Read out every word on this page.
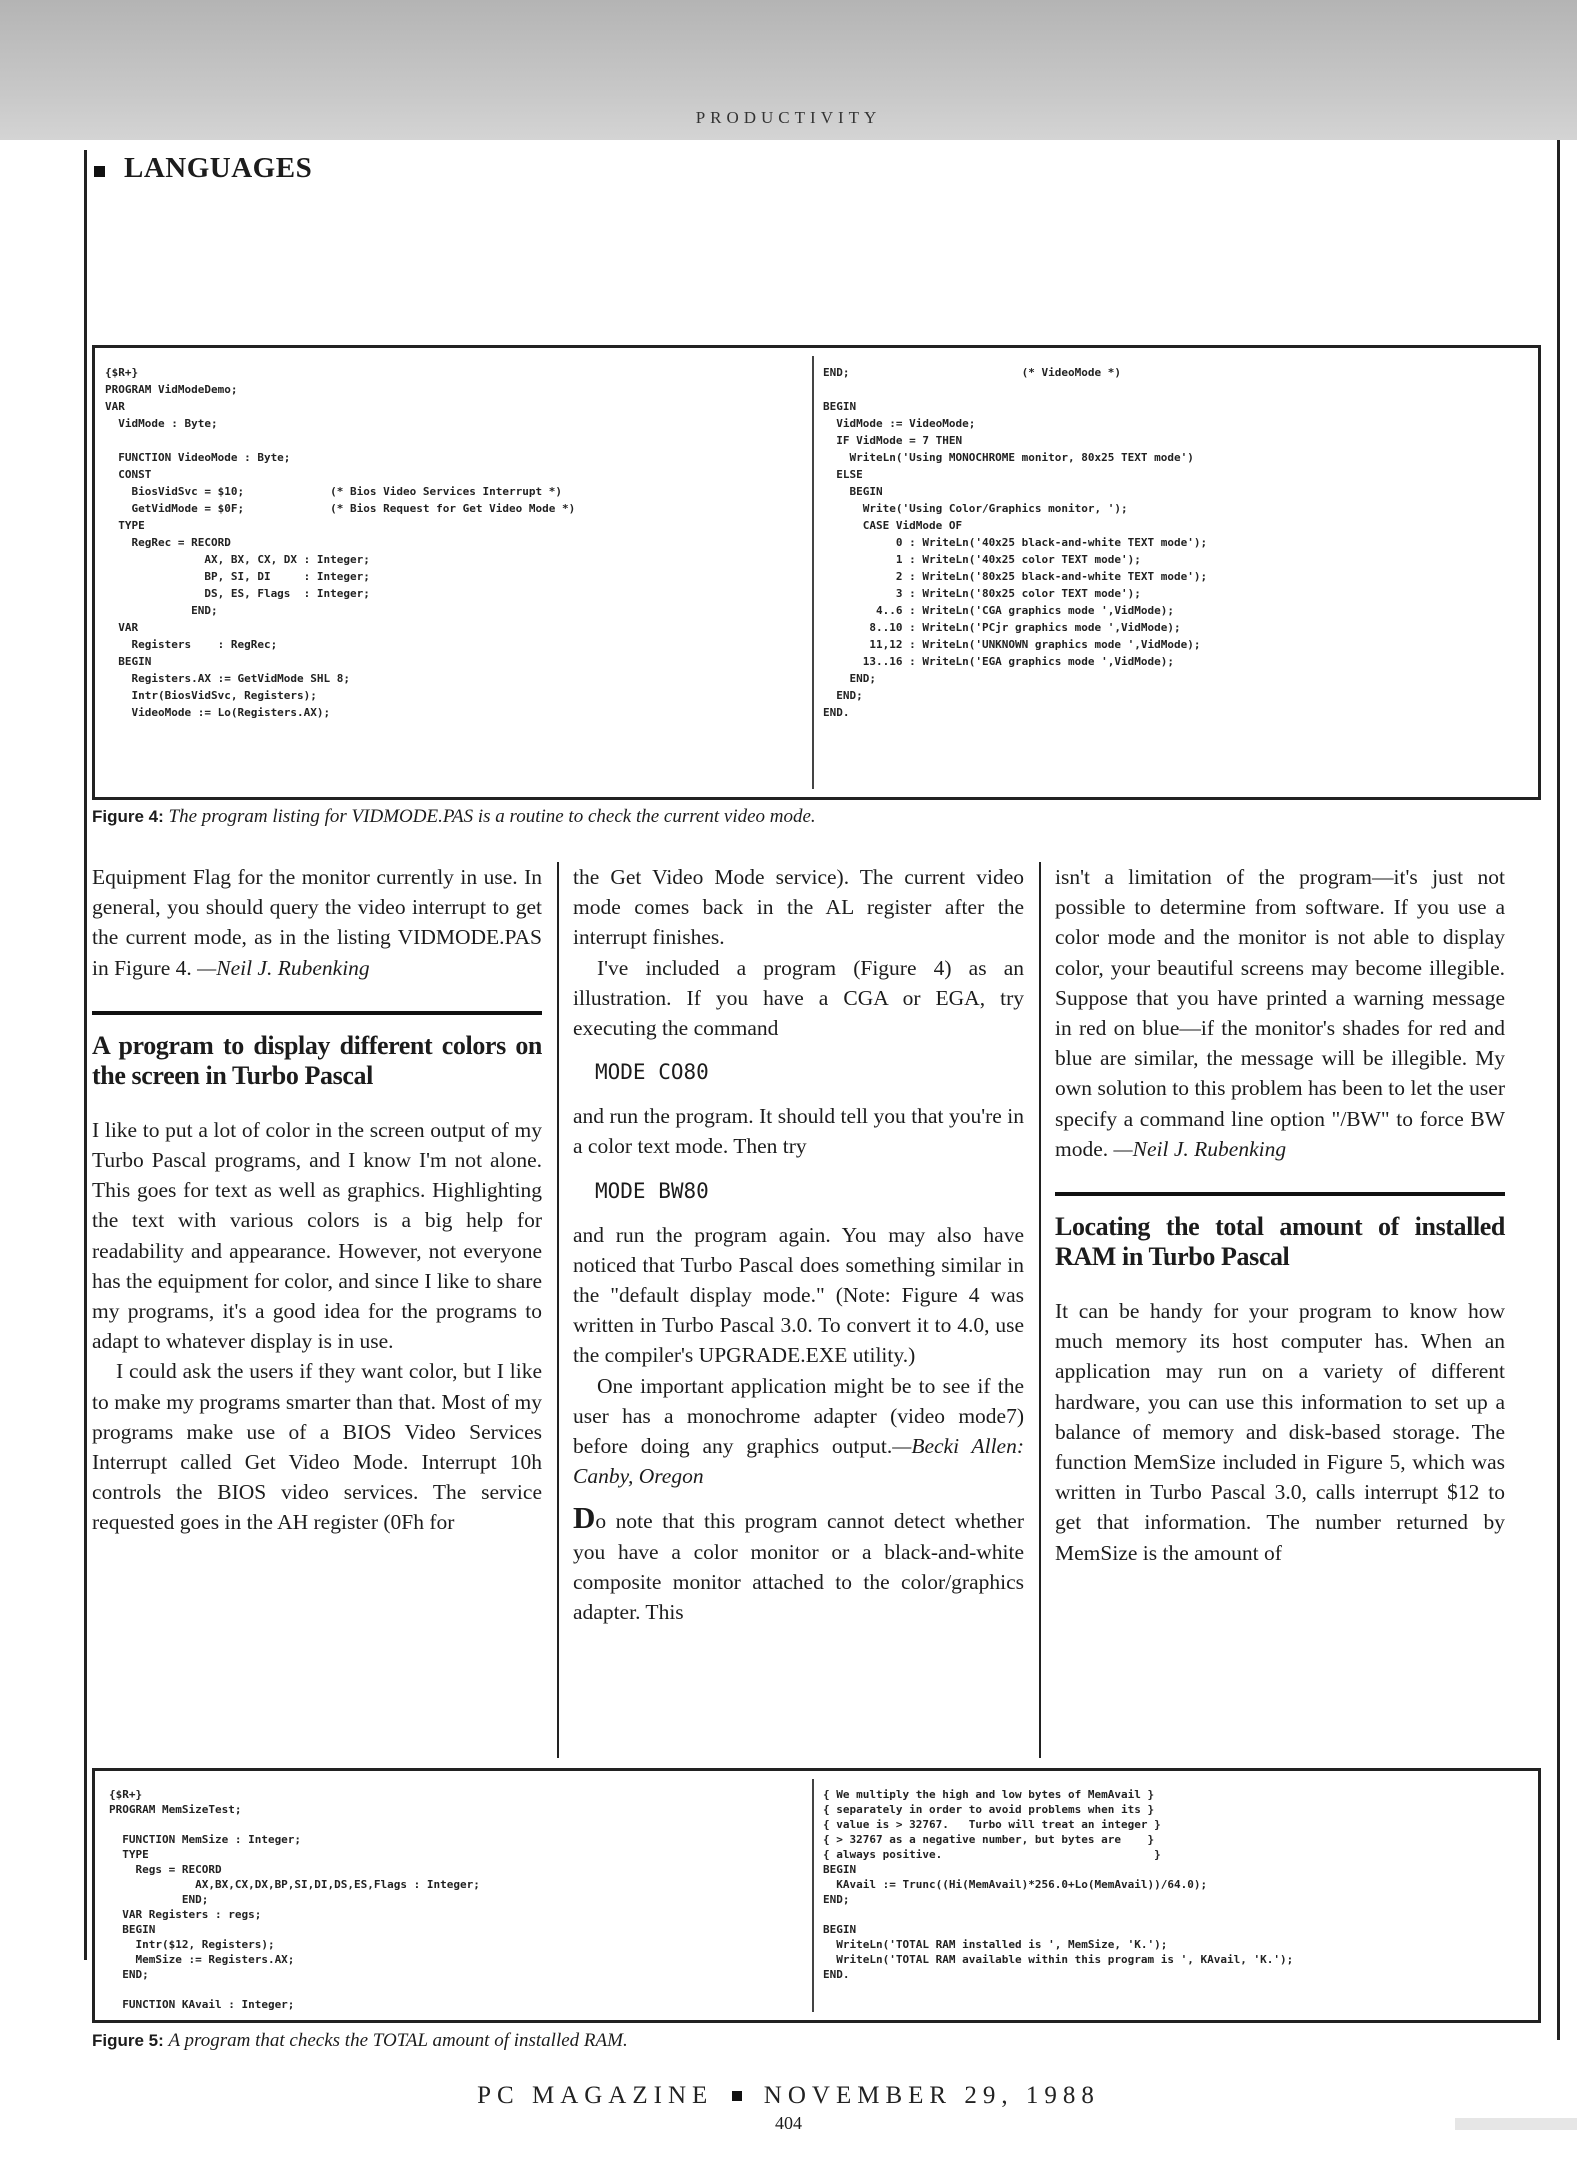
PRODUCTIVITY
LANGUAGES
{$R+}
PROGRAM VidModeDemo;
VAR
VidMode : Byte;

FUNCTION VideoMode : Byte;
CONST
BiosVidSvc = $10;             (* Bios Video Services Interrupt *)
GetVidMode = $0F;             (* Bios Request for Get Video Mode *)
TYPE
RegRec = RECORD
AX, BX, CX, DX : Integer;
BP, SI, DI     : Integer;
DS, ES, Flags  : Integer;
END;
VAR
Registers    : RegRec;
BEGIN
Registers.AX := GetVidMode SHL 8;
Intr(BiosVidSvc, Registers);
VideoMode := Lo(Registers.AX);
END;                          (* VideoMode *)

BEGIN
VidMode := VideoMode;
IF VidMode = 7 THEN
WriteLn('Using MONOCHROME monitor, 80x25 TEXT mode')
ELSE
BEGIN
Write('Using Color/Graphics monitor, ');
CASE VidMode OF
0 : WriteLn('40x25 black-and-white TEXT mode');
1 : WriteLn('40x25 color TEXT mode');
2 : WriteLn('80x25 black-and-white TEXT mode');
3 : WriteLn('80x25 color TEXT mode');
4..6 : WriteLn('CGA graphics mode ',VidMode);
8..10 : WriteLn('PCjr graphics mode ',VidMode);
11,12 : WriteLn('UNKNOWN graphics mode ',VidMode);
13..16 : WriteLn('EGA graphics mode ',VidMode);
END;
END;
END.
Figure 4: The program listing for VIDMODE.PAS is a routine to check the current video mode.

Equipment Flag for the monitor currently in use. In general, you should query the video interrupt to get the current mode, as in the listing VIDMODE.PAS in Figure 4. —Neil J. Rubenking

A program to display different colors on the screen in Turbo Pascal

I like to put a lot of color in the screen output of my Turbo Pascal programs, and I know I'm not alone. This goes for text as well as graphics. Highlighting the text with various colors is a big help for readability and appearance. However, not everyone has the equipment for color, and since I like to share my programs, it's a good idea for the programs to adapt to whatever display is in use.

I could ask the users if they want color, but I like to make my programs smarter than that. Most of my programs make use of a BIOS Video Services Interrupt called Get Video Mode. Interrupt 10h controls the BIOS video services. The service requested goes in the AH register (0Fh for

the Get Video Mode service). The current video mode comes back in the AL register after the interrupt finishes.

I've included a program (Figure 4) as an illustration. If you have a CGA or EGA, try executing the command

MODE CO80

and run the program. It should tell you that you're in a color text mode. Then try

MODE BW80

and run the program again. You may also have noticed that Turbo Pascal does something similar in the "default display mode." (Note: Figure 4 was written in Turbo Pascal 3.0. To convert it to 4.0, use the compiler's UPGRADE.EXE utility.)

One important application might be to see if the user has a monochrome adapter (video mode7) before doing any graphics output.—Becki Allen: Canby, Oregon

Do note that this program cannot detect whether you have a color monitor or a black-and-white composite monitor attached to the color/graphics adapter. This

isn't a limitation of the program—it's just not possible to determine from software. If you use a color mode and the monitor is not able to display color, your beautiful screens may become illegible. Suppose that you have printed a warning message in red on blue—if the monitor's shades for red and blue are similar, the message will be illegible. My own solution to this problem has been to let the user specify a command line option "/BW" to force BW mode. —Neil J. Rubenking

Locating the total amount of installed RAM in Turbo Pascal

It can be handy for your program to know how much memory its host computer has. When an application may run on a variety of different hardware, you can use this information to set up a balance of memory and disk-based storage. The function MemSize included in Figure 5, which was written in Turbo Pascal 3.0, calls interrupt $12 to get that information. The number returned by MemSize is the amount of

{$R+}
PROGRAM MemSizeTest;

FUNCTION MemSize : Integer;
TYPE
Regs = RECORD
AX,BX,CX,DX,BP,SI,DI,DS,ES,Flags : Integer;
END;
VAR Registers : regs;
BEGIN
Intr($12, Registers);
MemSize := Registers.AX;
END;

FUNCTION KAvail : Integer;
{ We multiply the high and low bytes of MemAvail }
{ separately in order to avoid problems when its }
{ value is > 32767.   Turbo will treat an integer }
{ > 32767 as a negative number, but bytes are    }
{ always positive.                                }
BEGIN
KAvail := Trunc((Hi(MemAvail)*256.0+Lo(MemAvail))/64.0);
END;

BEGIN
WriteLn('TOTAL RAM installed is ', MemSize, 'K.');
WriteLn('TOTAL RAM available within this program is ', KAvail, 'K.');
END.
Figure 5: A program that checks the TOTAL amount of installed RAM.
PC MAGAZINE NOVEMBER 29, 1988
404
